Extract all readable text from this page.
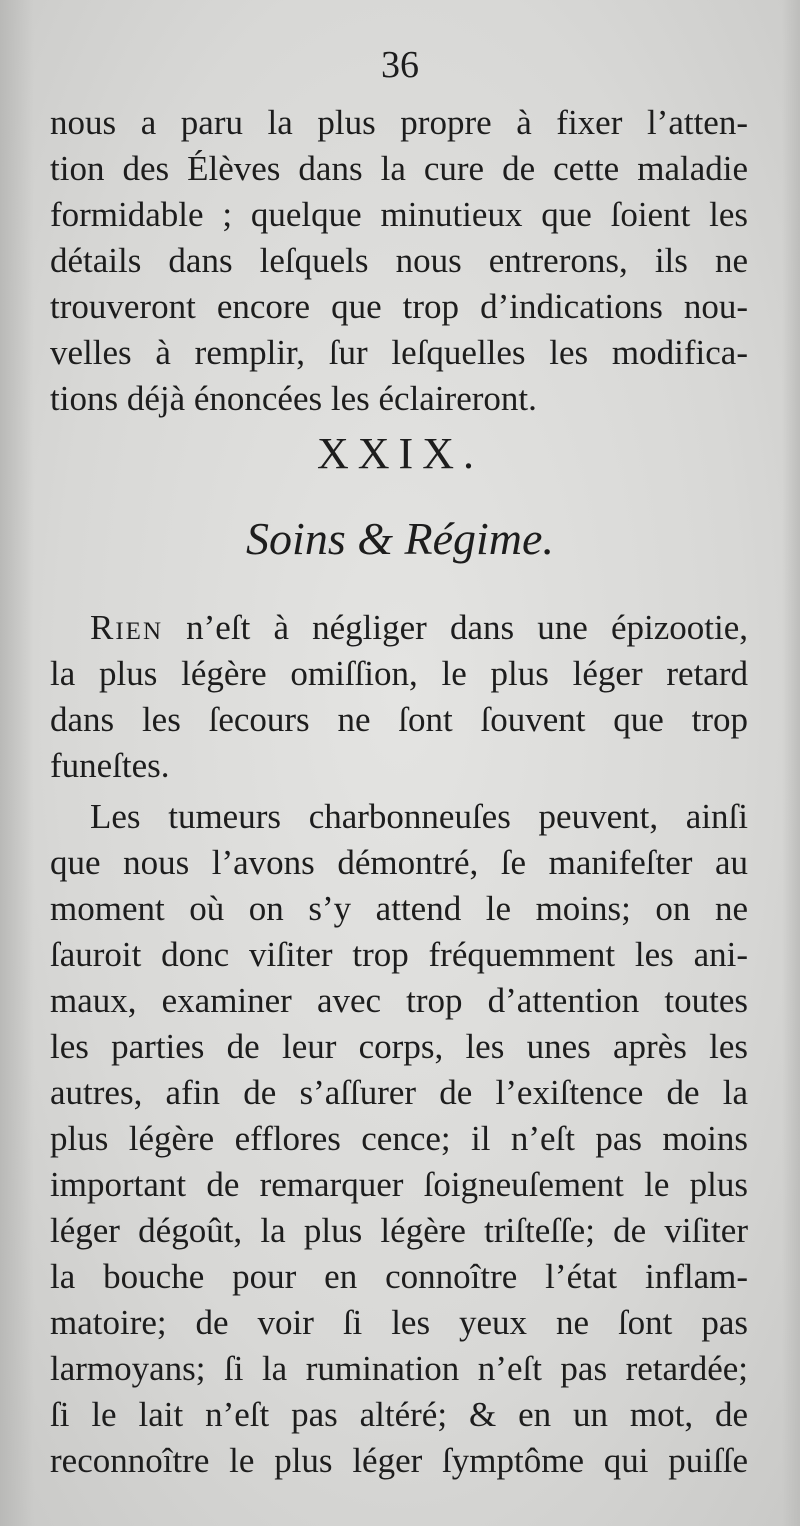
36
nous a paru la plus propre à fixer l’atten-
tion des Élèves dans la cure de cette maladie
formidable ; quelque minutieux que ſoient les
détails dans leſquels nous entrerons, ils ne
trouveront encore que trop d’indications nou-
velles à remplir, ſur leſquelles les modifica-
tions déjà énoncées les éclaireront.
XXIX.
Soins & Régime.
Rien n’eſt à négliger dans une épizootie,
la plus légère omiſſion, le plus léger retard
dans les ſecours ne ſont ſouvent que trop
funeſtes.
Les tumeurs charbonneuſes peuvent, ainſi
que nous l’avons démontré, ſe manifeſter au
moment où on s’y attend le moins; on ne
ſauroit donc viſiter trop fréquemment les ani-
maux, examiner avec trop d’attention toutes
les parties de leur corps, les unes après les
autres, afin de s’aſſurer de l’exiſtence de la
plus légère efflores cence; il n’eſt pas moins
important de remarquer ſoigneuſement le plus
léger dégoût, la plus légère triſteſſe; de viſiter
la bouche pour en connoître l’état inflam-
matoire; de voir ſi les yeux ne ſont pas
larmoyans; ſi la rumination n’eſt pas retardée;
ſi le lait n’eſt pas altéré; & en un mot, de
reconnoître le plus léger ſymptôme qui puiſſe
